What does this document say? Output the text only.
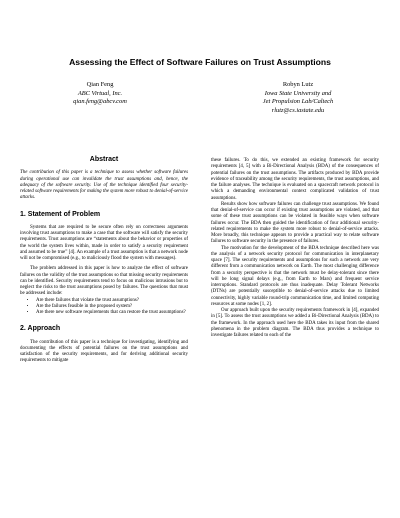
Assessing the Effect of Software Failures on Trust Assumptions
Qian Feng
ABC Virtual, Inc.
qian.feng@abcv.com
Robyn Lutz
Iowa State University and
Jet Propulsion Lab/Caltech
rlutz@cs.iastate.edu
Abstract

The contribution of this paper is a technique to assess whether software failures during operational use can invalidate the trust assumptions and, hence, the adequacy of the software security. Use of the technique identified four security-related software requirements for making the system more robust to denial-of-service attacks.

1. Statement of Problem

Systems that are required to be secure often rely on correctness arguments involving trust assumptions to make a case that the software will satisfy the security requirements. Trust assumptions are “statements about the behavior or properties of the world the system lives within, made in order to satisfy a security requirement and assumed to be true” [4]. An example of a trust assumption is that a network node will not be compromised (e.g., to maliciously flood the system with messages).

The problem addressed in this paper is how to analyze the effect of software failures on the validity of the trust assumptions so that missing security requirements can be identified. Security requirements tend to focus on malicious intrusions but to neglect the risks to the trust assumptions posed by failures. The questions that must be addressed include:

• Are there failures that violate the trust assumptions?
• Are the failures feasible in the proposed system?
• Are there new software requirements that can restore the trust assumptions?
2. Approach

The contribution of this paper is a technique for investigating, identifying and documenting the effects of potential failures on the trust assumptions and satisfaction of the security requirements, and for deriving additional security requirements to mitigate

these failures. To do this, we extended an existing framework for security requirements [4, 5] with a Bi-Directional Analysis (BDA) of the consequences of potential failures on the trust assumptions. The artifacts produced by BDA provide evidence of traceability among the security requirements, the trust assumptions, and the failure analyses. The technique is evaluated on a spacecraft network protocol in which a demanding environmental context complicated validation of trust assumptions.

Results show how software failures can challenge trust assumptions. We found that denial-of-service can occur if existing trust assumptions are violated, and that some of these trust assumptions can be violated in feasible ways when software failures occur. The BDA then guided the identification of four additional security-related requirements to make the system more robust to denial-of-service attacks. More broadly, this technique appears to provide a practical way to relate software failures to software security in the presence of failures.

The motivation for the development of the BDA technique described here was the analysis of a network security protocol for communication in interplanetary space [7]. The security requirements and assumptions for such a network are very different from a communication network on Earth. The most challenging difference from a security perspective is that the network must be delay-tolerant since there will be long signal delays (e.g., from Earth to Mars) and frequent service interruptions. Standard protocols are thus inadequate. Delay Tolerant Networks (DTNs) are potentially susceptible to denial-of-service attacks due to limited connectivity, highly variable round-trip communication time, and limited computing resources at some nodes [1, 2].

Our approach built upon the security requirements framework in [4], expanded in [5]. To assess the trust assumptions we added a Bi-Directional Analysis (BDA) to the framework. In the approach used here the BDA takes its input from the shared phenomena in the problem diagram. The BDA thus provides a technique to investigate failures related to each of the
